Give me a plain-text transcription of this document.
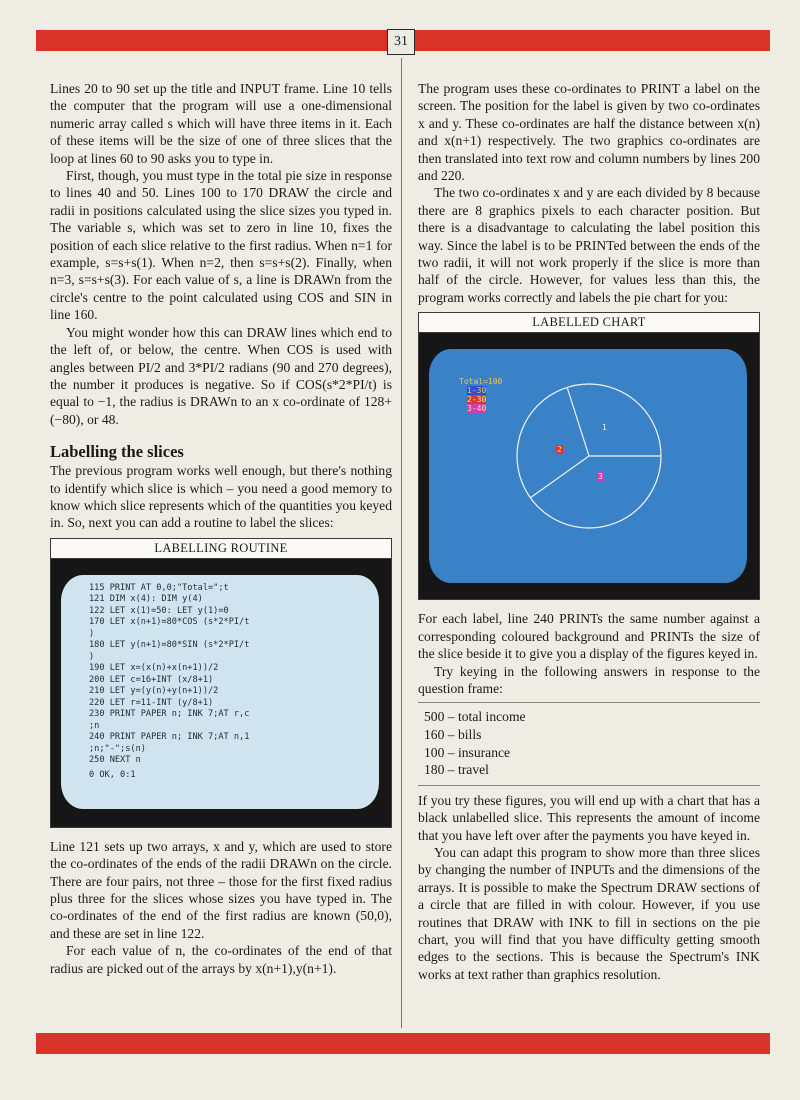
31

Lines 20 to 90 set up the title and INPUT frame. Line 10 tells the computer that the program will use a one-dimensional numeric array called s which will have three items in it. Each of these items will be the size of one of three slices that the loop at lines 60 to 90 asks you to type in.

First, though, you must type in the total pie size in response to lines 40 and 50. Lines 100 to 170 DRAW the circle and radii in positions calculated using the slice sizes you typed in. The variable s, which was set to zero in line 10, fixes the position of each slice relative to the first radius. When n=1 for example, s=s+s(1). When n=2, then s=s+s(2). Finally, when n=3, s=s+s(3). For each value of s, a line is DRAWn from the circle's centre to the point calculated using COS and SIN in line 160.

You might wonder how this can DRAW lines which end to the left of, or below, the centre. When COS is used with angles between PI/2 and 3*PI/2 radians (90 and 270 degrees), the number it produces is negative. So if COS(s*2*PI/t) is equal to −1, the radius is DRAWn to an x co-ordinate of 128+(−80), or 48.

Labelling the slices

The previous program works well enough, but there's nothing to identify which slice is which – you need a good memory to know which slice represents which of the quantities you keyed in. So, next you can add a routine to label the slices:

LABELLING ROUTINE
115 PRINT AT 0,0;"Total=";t
121 DIM x(4): DIM y(4)
122 LET x(1)=50: LET y(1)=0
170 LET x(n+1)=80*COS (s*2*PI/t
)
180 LET y(n+1)=80*SIN (s*2*PI/t
)
190 LET x=(x(n)+x(n+1))/2
200 LET c=16+INT (x/8+1)
210 LET y=(y(n)+y(n+1))/2
220 LET r=11-INT (y/8+1)
230 PRINT PAPER n; INK 7;AT r,c
;n
240 PRINT PAPER n; INK 7;AT n,1
;n;"-";s(n)
250 NEXT n
0 OK, 0:1

Line 121 sets up two arrays, x and y, which are used to store the co-ordinates of the ends of the radii DRAWn on the circle. There are four pairs, not three – those for the first fixed radius plus three for the slices whose sizes you have typed in. The co-ordinates of the end of the first radius are known (50,0), and these are set in line 122.

For each value of n, the co-ordinates of the end of that radius are picked out of the arrays by x(n+1),y(n+1).

The program uses these co-ordinates to PRINT a label on the screen. The position for the label is given by two co-ordinates x and y. These co-ordinates are half the distance between x(n) and x(n+1) respectively. The two graphics co-ordinates are then translated into text row and column numbers by lines 200 and 220.

The two co-ordinates x and y are each divided by 8 because there are 8 graphics pixels to each character position. But there is a disadvantage to calculating the label position this way. Since the label is to be PRINTed between the ends of the two radii, it will not work properly if the slice is more than half of the circle. However, for values less than this, the program works correctly and labels the pie chart for you:

LABELLED CHART
Total=100
1-30
2-30
3-40
1
2
3

For each label, line 240 PRINTs the same number against a corresponding coloured background and PRINTs the size of the slice beside it to give you a display of the figures keyed in.

Try keying in the following answers in response to the question frame:

500 – total income
160 – bills
100 – insurance
180 – travel

If you try these figures, you will end up with a chart that has a black unlabelled slice. This represents the amount of income that you have left over after the payments you have keyed in.

You can adapt this program to show more than three slices by changing the number of INPUTs and the dimensions of the arrays. It is possible to make the Spectrum DRAW sections of a circle that are filled in with colour. However, if you use routines that DRAW with INK to fill in sections on the pie chart, you will find that you have difficulty getting smooth edges to the sections. This is because the Spectrum's INK works at text rather than graphics resolution.
